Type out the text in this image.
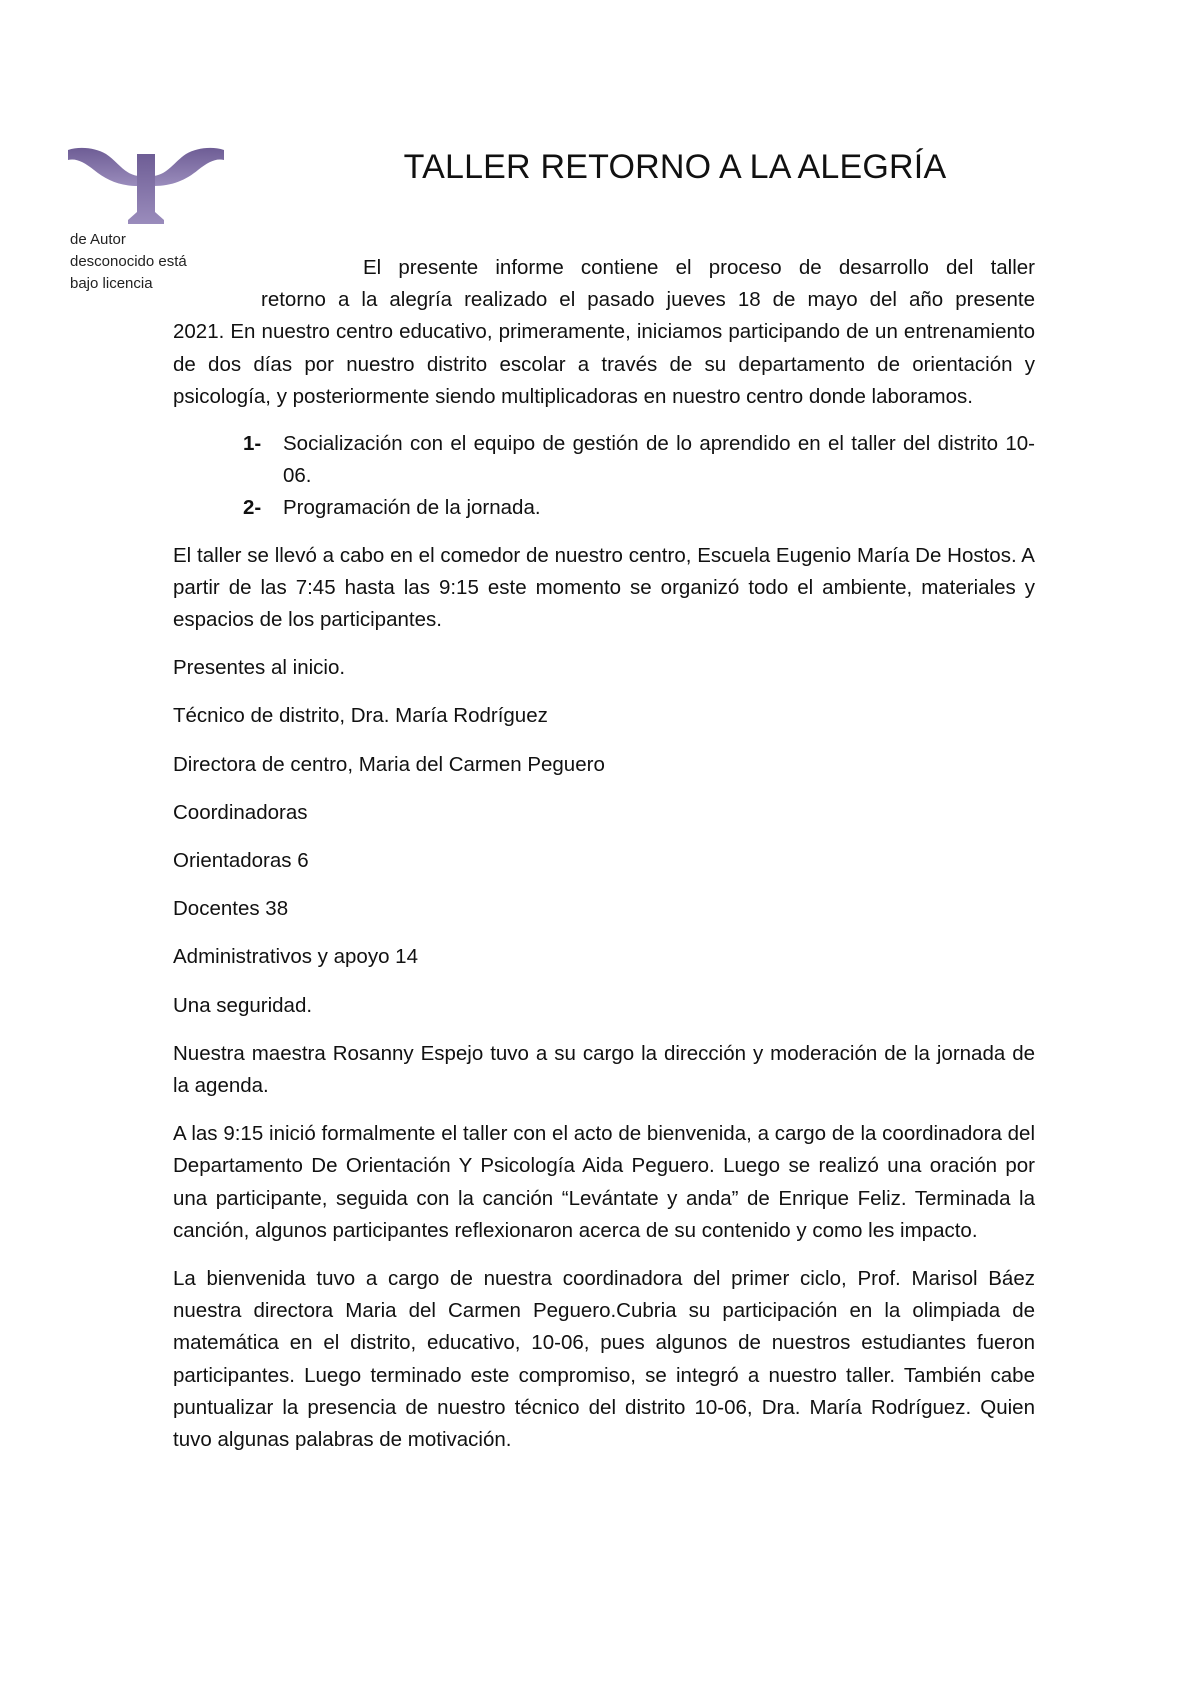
de Autor
desconocido está
bajo licencia
TALLER RETORNO A LA ALEGRÍA

El presente informe contiene el proceso de desarrollo del taller

retorno a la alegría realizado el pasado jueves 18 de mayo del año presente

2021. En nuestro centro educativo, primeramente, iniciamos participando de un entrenamiento de dos días por nuestro distrito escolar a través de su departamento de orientación y psicología, y posteriormente siendo multiplicadoras en nuestro centro donde laboramos.

1- Socialización con el equipo de gestión de lo aprendido en el taller del distrito 10-06.
2- Programación de la jornada.

El taller se llevó a cabo en el comedor de nuestro centro, Escuela Eugenio María De Hostos. A partir de las 7:45 hasta las 9:15 este momento se organizó todo el ambiente, materiales y espacios de los participantes.

Presentes al inicio.

Técnico de distrito, Dra. María Rodríguez

Directora de centro, Maria del Carmen Peguero

Coordinadoras

Orientadoras 6

Docentes 38

Administrativos y apoyo 14

Una seguridad.

Nuestra maestra Rosanny Espejo tuvo a su cargo la dirección y moderación de la jornada de la agenda.

A las 9:15 inició formalmente el taller con el acto de bienvenida, a cargo de la coordinadora del Departamento De Orientación Y Psicología Aida Peguero. Luego se realizó una oración por una participante, seguida con la canción “Levántate y anda” de Enrique Feliz. Terminada la canción, algunos participantes reflexionaron acerca de su contenido y como les impacto.

La bienvenida tuvo a cargo de nuestra coordinadora del primer ciclo, Prof. Marisol Báez nuestra directora Maria del Carmen Peguero.Cubria su participación en la olimpiada de matemática en el distrito, educativo, 10-06, pues algunos de nuestros estudiantes fueron participantes. Luego terminado este compromiso, se integró a nuestro taller. También cabe puntualizar la presencia de nuestro técnico del distrito 10-06, Dra. María Rodríguez. Quien tuvo algunas palabras de motivación.
